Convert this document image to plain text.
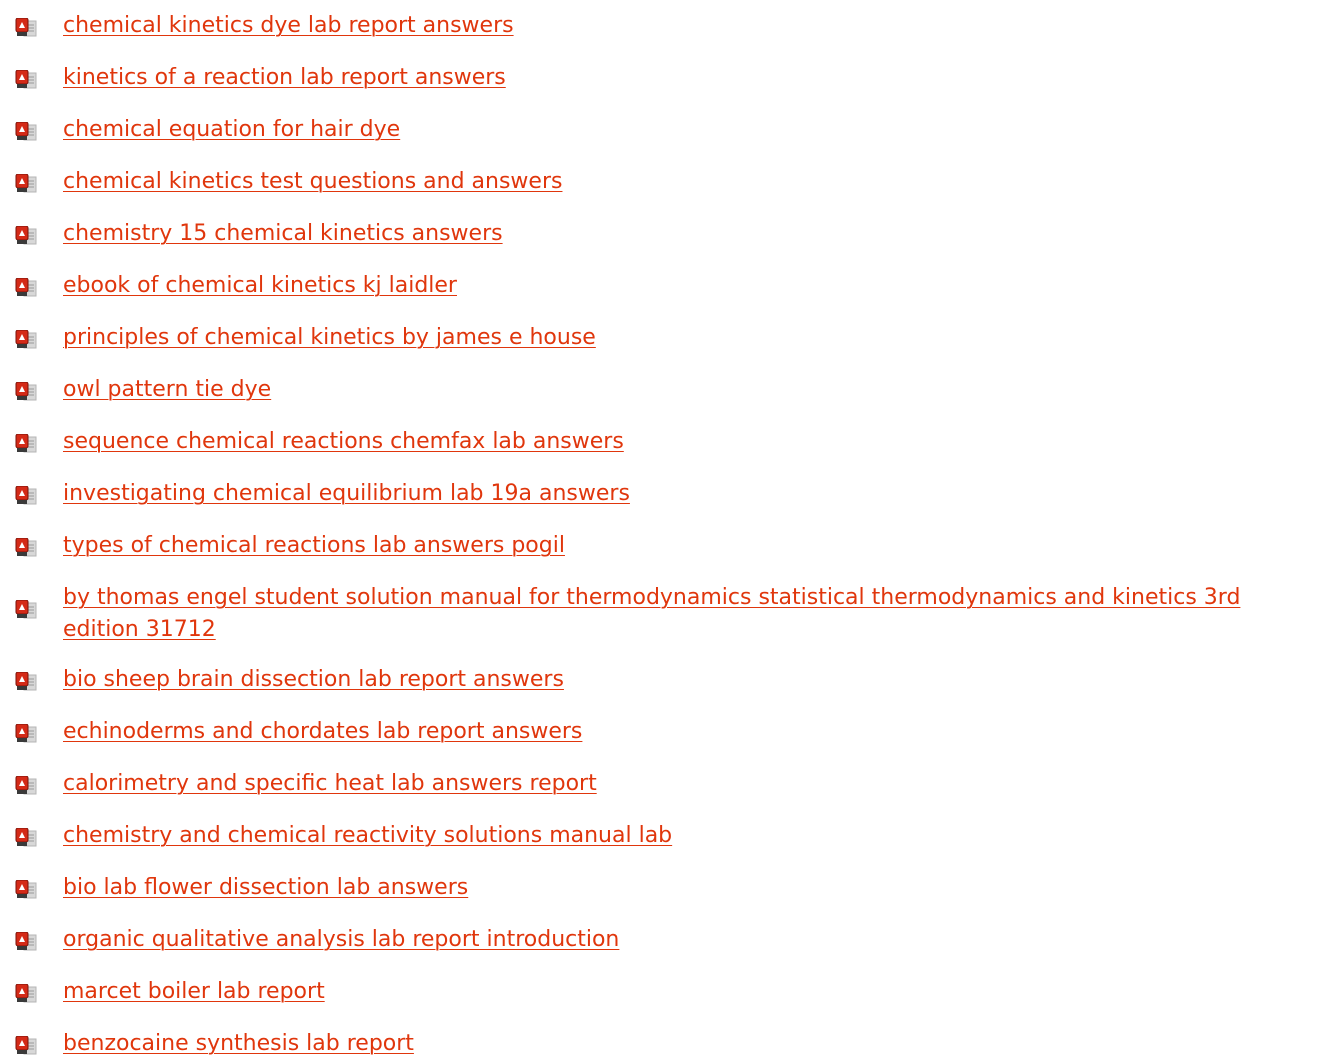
chemical kinetics dye lab report answers
kinetics of a reaction lab report answers
chemical equation for hair dye
chemical kinetics test questions and answers
chemistry 15 chemical kinetics answers
ebook of chemical kinetics kj laidler
principles of chemical kinetics by james e house
owl pattern tie dye
sequence chemical reactions chemfax lab answers
investigating chemical equilibrium lab 19a answers
types of chemical reactions lab answers pogil
by thomas engel student solution manual for thermodynamics statistical thermodynamics and kinetics 3rd edition 31712
bio sheep brain dissection lab report answers
echinoderms and chordates lab report answers
calorimetry and specific heat lab answers report
chemistry and chemical reactivity solutions manual lab
bio lab flower dissection lab answers
organic qualitative analysis lab report introduction
marcet boiler lab report
benzocaine synthesis lab report
